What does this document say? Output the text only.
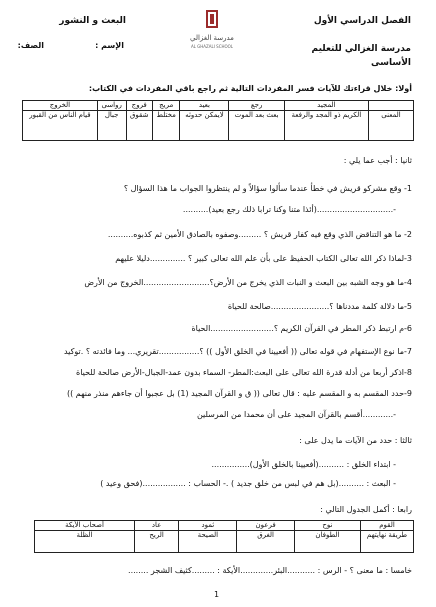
البعث و النشور
الإسم :
الصف:
مدرسة الغزالي
AL GHAZALI SCHOOL
الفصل الدراسي الأول
مدرسة الغزالي للتعليم
الأساسى
أولا: خلال قراءتك للآيات فسر المفردات التالية ثم راجع باقي المفردات في الكتاب:
	المجيد	رجع	بعيد	مريج	فروج	رواسى	الخروج
المعنى	الكريم ذو المجد والرفعة	بعث بعد الموت	لايمكن حدوثه	مختلط	شقوق	جبال	قيام الناس من القبور
ثانيا : أجب عما يلي :
1- وقع مشركو قريش في خطأ عندما سألوا سؤالاً و لم ينتظروا الجواب ما هذا السؤال ؟
-..............................(أئذا متنا وكنا ترابا ذلك رجع بعيد)..........
2- ما هو التناقض الذي وقع فيه كفار قريش ؟ .........وصفوه بالصادق الأمين ثم كذبوه..........
3-لماذا ذكر الله تعالى الكتاب الحفيظ على بأن علم الله تعالى كبير ؟ ..............دليلا عليهم
4-ما هو وجه الشبه بين البعث و النبات الذي يخرج من الأرض؟..........................الخروج من الأرض
5-ما دلالة كلمة مددناها ؟.......................صالحة للحياة
6-م ارتبط ذكر المطر في القرآن الكريم ؟.........................الحياة
7-ما نوع الإستفهام في قوله تعالى (( أفعيينا في الخلق الأول )) ؟................تقريري... وما فائدته ؟ .توكيد
8-اذكر أربعا من أدلة قدرة الله تعالى على البعث:المطر- السماء بدون عمد-الجبال-الأرض صالحة للحياة
9-حدد المقسم به و المقسم عليه : قال تعالى (( ق و القرآن المجيد (1) بل عجبوا أن جاءهم منذر منهم ))
-............أقسم بالقرآن المجيد على أن محمدا من المرسلين
ثالثا : حدد من الآيات ما يدل على :
- ابتداء الخلق : ..........(أفعيينا بالخلق الأول)...............
- البعث : ..........(بل هم في لبس من خلق جديد ) .- الحساب : .................(فحق وعيد )
رابعا : أكمل الجدول التالي :
القوم	نوح	فرعون	ثمود	عاد	أصحاب الأيكة
طريقة نهايتهم	الطوفان	الغرق	الصيحة	الريح	الظلة
خامسا : ما معنى ؟ - الرس : ...........البئر.............الأيكة : .........كثيف الشجر ........
1
